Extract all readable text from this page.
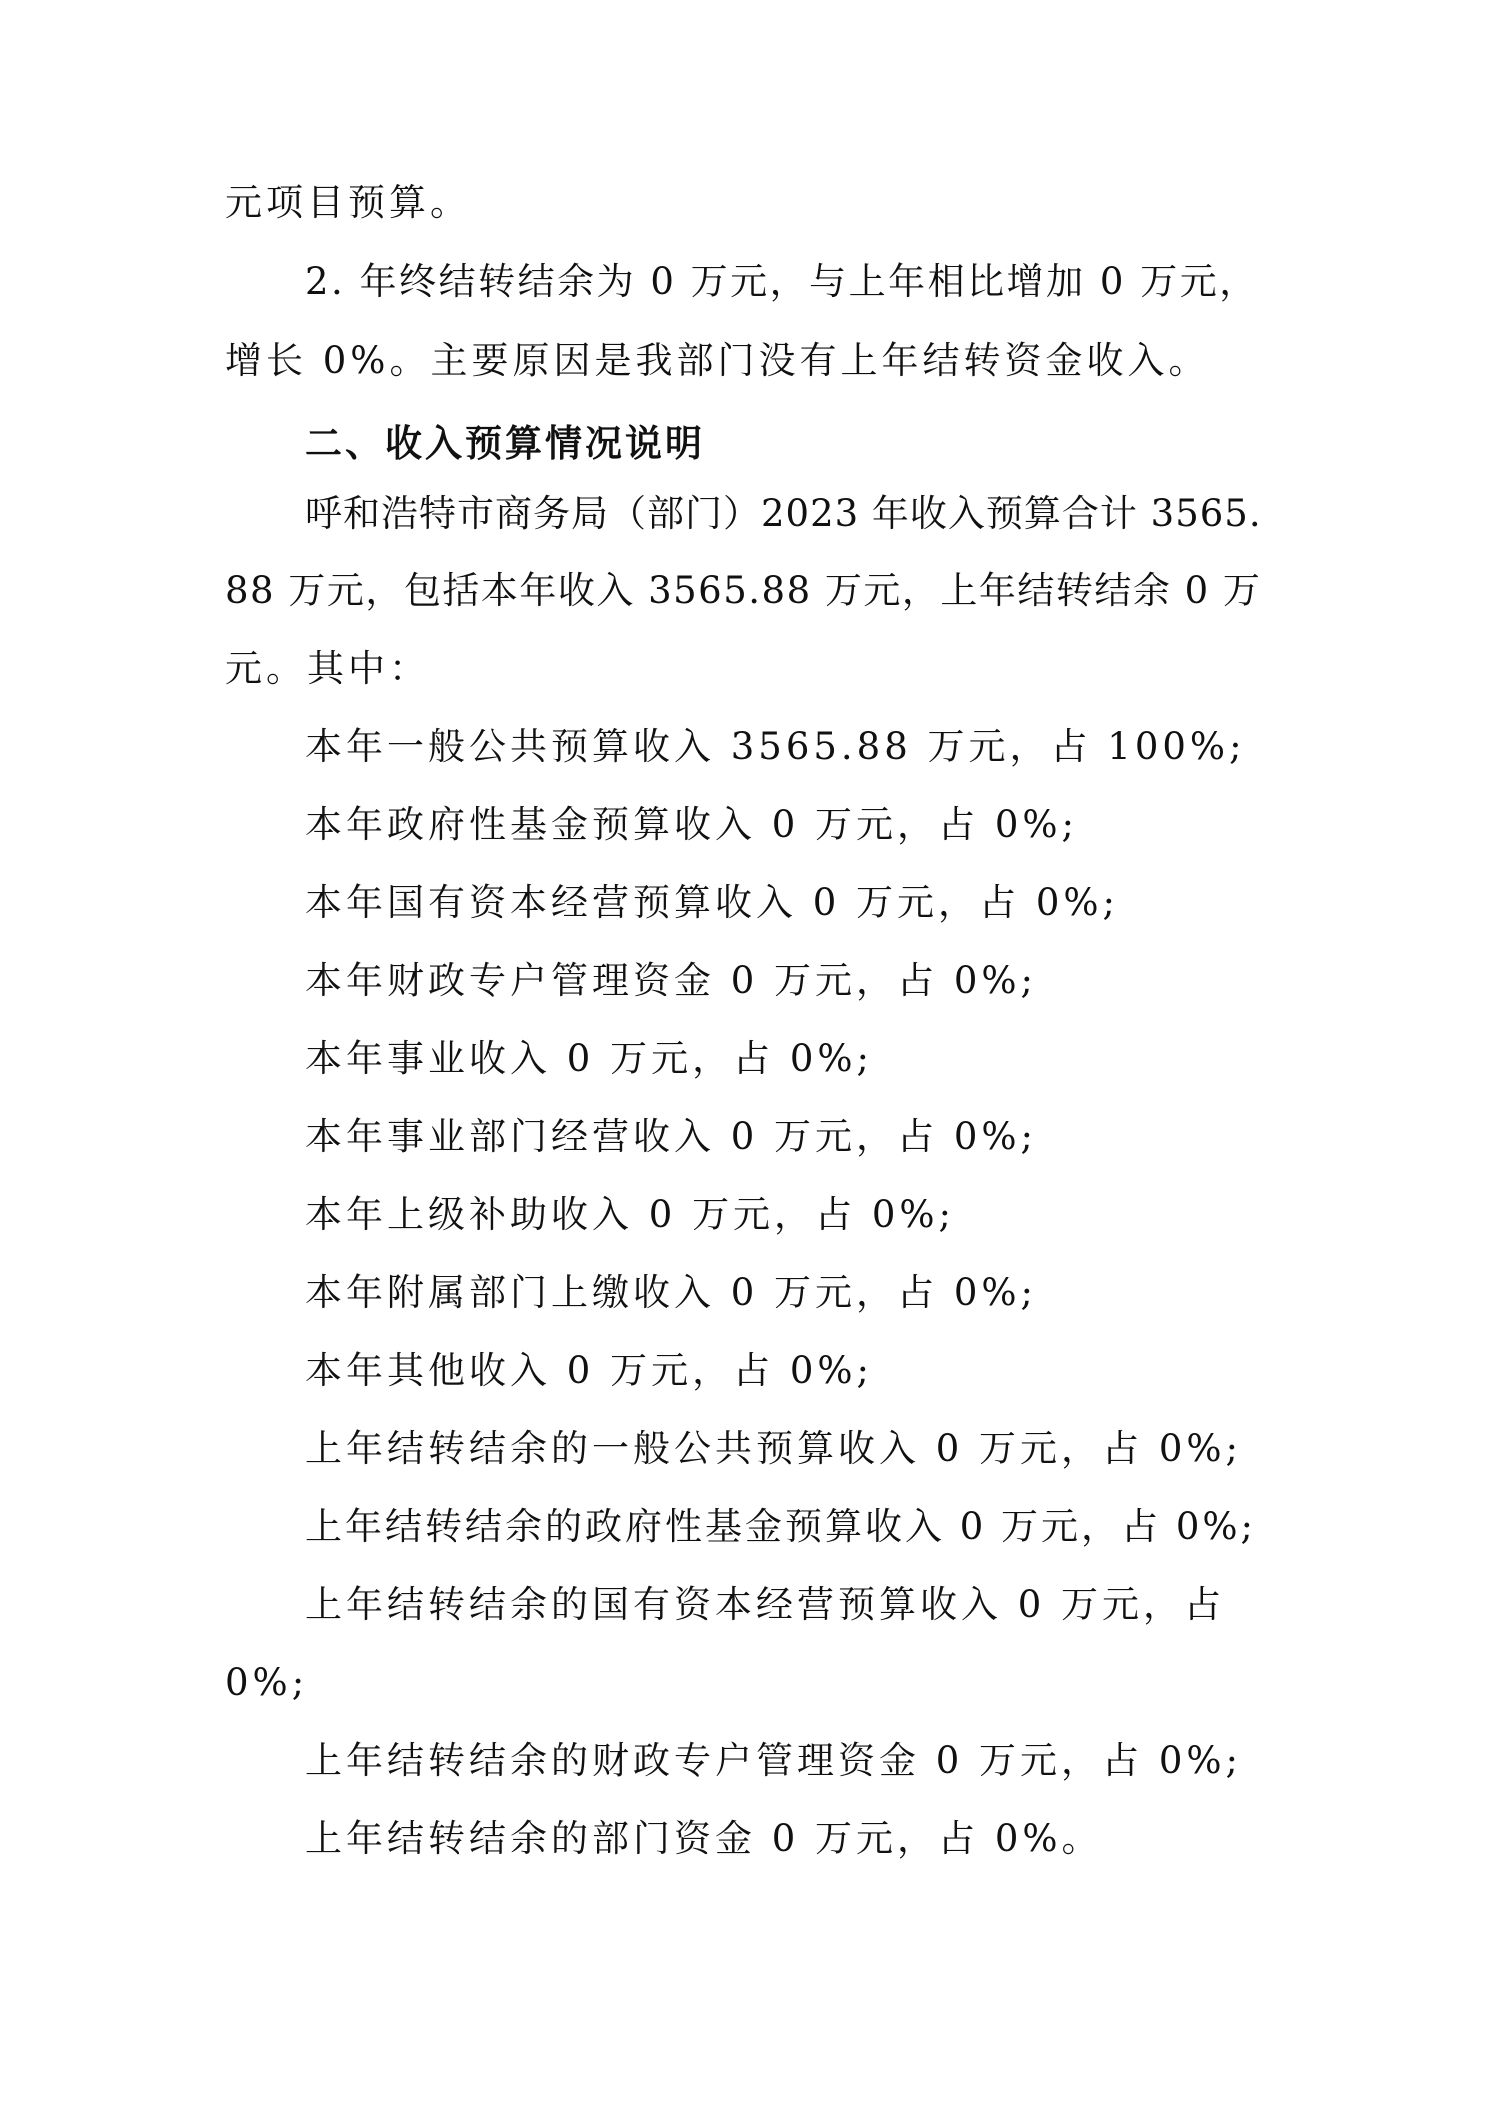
元项目预算。
2. 年终结转结余为 0 万元，与上年相比增加 0 万元，
增长 0%。主要原因是我部门没有上年结转资金收入。
二、收入预算情况说明
呼和浩特市商务局（部门）2023 年收入预算合计 3565.
88 万元，包括本年收入 3565.88 万元，上年结转结余 0 万
元。其中：
本年一般公共预算收入 3565.88 万元，占 100%;
本年政府性基金预算收入 0 万元，占 0%;
本年国有资本经营预算收入 0 万元，占 0%;
本年财政专户管理资金 0 万元，占 0%;
本年事业收入 0 万元，占 0%;
本年事业部门经营收入 0 万元，占 0%;
本年上级补助收入 0 万元，占 0%;
本年附属部门上缴收入 0 万元，占 0%;
本年其他收入 0 万元，占 0%;
上年结转结余的一般公共预算收入 0 万元，占 0%;
上年结转结余的政府性基金预算收入 0 万元，占 0%;
上年结转结余的国有资本经营预算收入 0 万元，占
0%;
上年结转结余的财政专户管理资金 0 万元，占 0%;
上年结转结余的部门资金 0 万元，占 0%。
